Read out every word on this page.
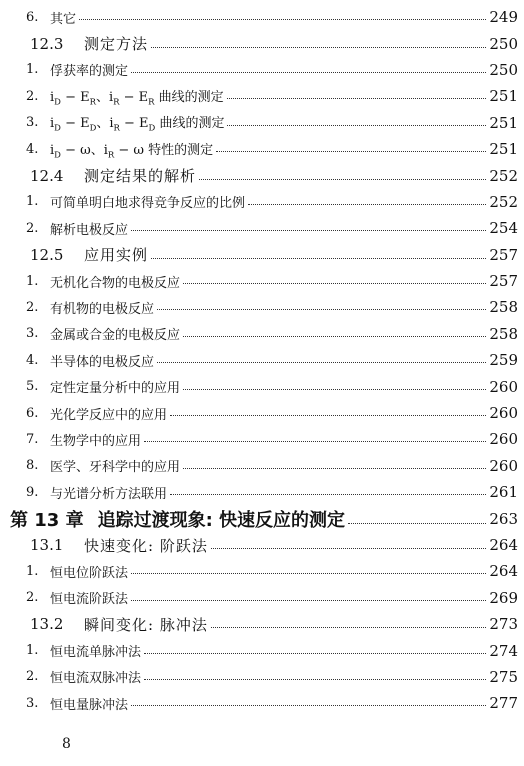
6. 其它	249
12.3	测定方法	250
1. 俘获率的测定	250
2. $i_D - E_R$、$i_R - E_R$ 曲线的测定	251
3. $i_D - E_D$、$i_R - E_D$ 曲线的测定	251
4. $i_D - \omega$、$i_R - \omega$ 特性的测定	251
12.4	测定结果的解析	252
1. 可简单明白地求得竞争反应的比例	252
2. 解析电极反应	254
12.5	应用实例	257
1. 无机化合物的电极反应	257
2. 有机物的电极反应	258
3. 金属或合金的电极反应	258
4. 半导体的电极反应	259
5. 定性定量分析中的应用	260
6. 光化学反应中的应用	260
7. 生物学中的应用	260
8. 医学、牙科学中的应用	260
9. 与光谱分析方法联用	261
第 13 章 追踪过渡现象: 快速反应的测定	263
13.1	快速变化: 阶跃法	264
1. 恒电位阶跃法	264
2. 恒电流阶跃法	269
13.2	瞬间变化: 脉冲法	273
1. 恒电流单脉冲法	274
2. 恒电流双脉冲法	275
3. 恒电量脉冲法	277
8
